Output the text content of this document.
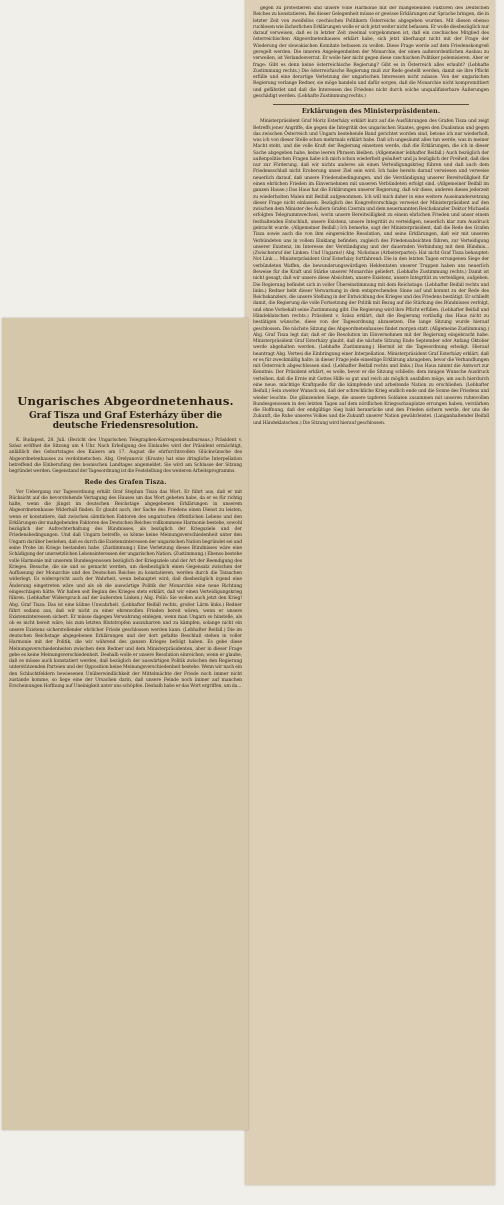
gegen zu protestieren und unsere volle Harmonie mit der maßgebenden Faktoren des Deutschen Reiches zu konstatieren. Bei dieser Gelegenheit müsse er gewisse Erklärungen zur Sprache bringen, die in letzter Zeit von zweifellos czechischen Politikern Österreichs abgegeben wurden. Mit diesen ebenso ruchlosen wie lächerlichen Erklärungen wolle er sich jetzt weiter nicht befassen. Er wolle diesbezüglich nur darauf verweisen, daß es in letzter Zeit zweimal vorgekommen ist, daß ein czechisches Mitglied des österreichischen Abgeordnetenhauses erklärt habe, sich jetzt überhaupt nicht mit der Frage der Wiederung der slowakischen Komitate befassen zu wollen. Diese Frage werde auf dem Friedenskongreß geregelt werden. Die inneren Angelegenheiten der Monarchie, der einen außerordentlichen Ausbau zu verweilen, ist Verlandesverrat. Er wolle hier nicht gegen diese czechischen Politiker polemisieren. Aber er frage: Gibt es denn keine österreichische Regierung? Gibt es in Österreich alles erlaubt? (Lebhafte Zustimmung rechts.) Die österreichische Regierung muß zur Rede gestellt werden, damit sie ihre Pflicht erfülle und eine derartige Verletzung der ungarischen Interessen nicht zulasse. Von der ungarischen Regierung verlange Redner, sie möge handeln und dafür sorgen, daß die Monarchie nicht kompromittiert und gefährdet und daß die Interessen des Friedens nicht durch solche unqualifizierbare Äußerungen geschädigt werden. (Lebhafte Zustimmung rechts.)

Erklärungen des Ministerpräsidenten.

Ministerpräsident Graf Moriz Esterházy erklärt kurz auf die Ausführungen des Grafen Tisza und zeigt Betreffs jener Angriffe, die gegen die Integrität des ungarischen Staates, gegen den Dualismus und gegen das zwischen Österreich und Ungarn bestehende Band gerichtet worden sind, betone ich nur wiederholt, was ich von dieser Stelle schon mehrmals erklärt habe. Daß ich ungesäumt alles tun werde, was in meiner Macht steht, und die volle Kraft der Regierung einsetzen werde, daß die Erklärungen, die ich in dieser Sache abgegeben habe, keine leeren Phrasen bleiben. (Allgemeiner lebhafter Beifall.) Auch bezüglich der außenpolitischen Fragen habe ich mich schon wiederholt geäußert und ja bezüglich der Freiheit, daß dies nur zur Förderung, daß wir nichts anderes als einen Verteidigungskrieg führen und daß auch dem Friedensschluß nicht Eroberung unser Ziel sein wird. Ich habe bereits darauf verwiesen und verweise neuerlich darauf, daß unsere Friedensbedingungen, und die Verständigung unserer Bereitwilligkeit für einen ehrlichen Frieden im Einvernehmen mit unseren Verbündeten erfolgt sind. (Allgemeiner Beifall im ganzen Hause.) Das Haus hat die Erklärungen unserer Regierung, daß wir diese, anderen dieses jederzeit zu wiederholten Malen mit Beifall aufgenommen. Ich will mich daher in eine weitere Auseinandersetzung dieser Frage nicht einlassen. Bezüglich des Kongreßvorschlags verweist der Ministerpräsident auf den zwischen dem Minister des Äußern Grafen Czernin und dem neuernannten Reichskanzler Doktor Michaelis erfolgten Telegrammwechsel, worin unsere Bereitwilligkeit zu einem ehrlichen Frieden und unser einem festhaltenden Entschluß, unsere Existenz, unsere Integrität zu verteidigen, neuerlich klar zum Ausdruck gebracht wurde. (Allgemeiner Beifall.) Ich bemerke, sagt der Ministerpräsident, daß die Rede des Grafen Tisza sowie auch die von ihm eingereichte Resolution, und seine Erklärungen, daß wir mit unseren Verbündeten uns in vollem Einklang befinden, zugleich des Friedensabsichten führen, zur Verteidigung unserer Existenz, im Interesse der Verständigung und der dauernden Verbindung mit dem Bündnis... (Zwischenruf der Linken: Und Ungarns!) Abg. Nickolaus (Arbeiterpartei): Hat nicht Graf Tisza behauptet: Not Link ... Ministerpräsident Graf Esterházy fortfahrend: Die in den letzten Tagen errungenen Siege der verbündeten Waffen, die bewunderungswürdigen Heldentaten unserer Truppen haben uns neuerlich Beweise für die Kraft und Stärke unserer Monarchie geliefert. (Lebhafte Zustimmung rechts.) Damit ist nicht gesagt, daß wir unsere diese Absichten, unsere Existenz, unsere Integrität zu verteidigen, aufgeben. Die Regierung befindet sich in voller Übereinstimmung mit dem Reichstage. (Lebhafter Beifall rechts und links.) Redner hebt dieser Verwarnung in dem entsprechenden Sinne auf und kommt zu der Rede des Reichskanzlers, die unsere Stellung in der Entwicklung des Krieges und des Friedens bestätigt. Er schließt damit, die Regierung die volle Fortsetzung der Politik mit Bezug auf die Stärkung des Bündnisses verfolgt, und ohne Vorbehalt seine Zustimmung gibt. Die Regierung wird ihre Pflicht erfüllen. (Lebhafter Beifall und Händeklatschen rechts.) Präsident v. Szász erklärt, daß die Regierung vorläufig das Haus nicht zu bestätigen wünsche, diese von der Tagesordnung abzusetzen. Die lange Sitzung wurde hierauf geschlossen. Die nächste Sitzung des Abgeordnetenhauses findet morgen statt. (Allgemeine Zustimmung.) Abg. Graf Tisza legt dar, daß er die Resolution im Einvernehmen mit der Regierung eingebracht habe. Ministerpräsident Graf Esterházy glaubt, daß die nächste Sitzung Ende September oder Anfang Oktober werde abgehalten werden. (Lebhafte Zustimmung.) Hiermit ist die Tagesordnung erledigt. Hierauf beantragt Abg. Vertesi die Einbringung einer Interpellation. Ministerpräsident Graf Esterházy erklärt, daß er es für zweckmäßig halte, in dieser Frage jede einseitige Erklärung abzugeben, bevor die Verhandlungen mit Österreich abgeschlossen sind. (Lebhafter Beifall rechts und links.) Das Haus nimmt die Antwort zur Kenntnis. Der Präsident erklärt, es wolle, bevor er die Sitzung schließe, dem innigen Wunsche Ausdruck verleihen, daß die Ernte mit Gottes Hilfe so gut und reich als möglich ausfallen möge, um auch hierdurch eine neue, mächtige Kraftquelle für die kämpfende und arbeitende Nation zu erschließen. (Lebhafter Beifall.) Sein zweiter Wunsch sei, daß der schreckliche Krieg endlich ende und die Sonne des Friedens und wieder leuchte. Die glänzenden Siege, die unsere tapferen Soldaten zusammen mit unseren ruhmvollen Bundesgenossen in den letzten Tagen auf dem nördlichen Kriegsschauplatze errungen haben, verstärken die Hoffnung, daß der endgültige Sieg bald heranrücke und den Frieden sichern werde, der uns die Zukunft, die Ruhe unseres Volkes und die Zukunft unserer Nation gewährleistet. (Langanhaltender Beifall und Händeklatschen.) Die Sitzung wird hierauf geschlossen.

Ungarisches Abgeordnetenhaus.
Graf Tisza und Graf Esterházy über die deutsche Friedensresolution.

K. Budapest, 28. Juli. (Bericht des Ungarischen Telegraphen-Korrespondenzbureaus.) Präsident v. Szász eröffnet die Sitzung um 4 Uhr. Nach Erledigung des Einlaufes wird der Präsident ermächtigt, anläßlich des Geburtstages des Kaisers am 17. August die ehrfurchtsvollen Glückwünsche des Abgeordnetenhauses zu verdolmetschen. Abg. Orelyanovic (Kroate) hat eine dringliche Interpellation betreffend die Einberufung des bosnischen Landtages angemeldet. Sie wird am Schlusse der Sitzung begründet werden. Gegenstand der Tagesordnung ist die Feststellung des weiteren Arbeitsprogramms.

Rede des Grafen Tisza.

Vor Uebergang zur Tagesordnung erhält Graf Stephan Tisza das Wort. Er führt aus, daß er mit Rücksicht auf die bevorstehende Vertagung des Hauses um das Wort gebeten habe, da er es für richtig halte, wenn die jüngst im deutschen Reichstage abgegebenen Erklärungen in unserem Abgeordnetenhause Widerhall finden. Er glaubt auch, der Sache des Friedens einen Dienst zu leisten, wenn er konstatiere, daß zwischen sämtlichen Faktoren des ungarischen öffentlichen Lebens und den Erklärungen der maßgebenden Faktoren des Deutschen Reiches vollkommene Harmonie bestehe, sowohl bezüglich der Aufrechterhaltung des Bündnisses, als bezüglich der Kriegsziele und der Friedensbedingungen. Und daß Ungarn betreffe, so könne keine Meinungsverschiedenheit unter den Ungarn darüber bestehen, daß es durch die Existenzinteressen der ungarischen Nation begründet sei und seine Probe im Kriege bestanden habe. (Zustimmung.) Eine Verletzung dieses Bündnisses wäre eine Schädigung der unersetzlichen Lebensinteressen der ungarischen Nation. (Zustimmung.) Ebenso bestehe volle Harmonie mit unserem Bundesgenossen bezüglich der Kriegsziele und der Art der Beendigung des Krieges. Besuche, die sie und so gemacht werden, um diesbezüglich einen Gegensatz zwischen der Auffassung der Monarchie und des Deutschen Reiches zu konstatieren, werden durch die Tatsachen widerlegt. Es widerspricht auch der Wahrheit, wenn behauptet wird, daß diesbezüglich irgend eine Änderung eingetreten wäre und als ob die auswärtige Politik der Monarchie eine neue Richtung eingeschlagen hätte. Wir haben seit Beginn des Krieges stets erklärt, daß wir einen Verteidigungskrieg führen. (Lebhafter Widerspruch auf der äußersten Linken.) Abg. Polló: Sie wollen auch jetzt den Krieg! Abg. Graf Tisza: Das ist eine kühne Unwahrheit. (Lebhafter Beifall rechts, großer Lärm links.) Redner führt sodann aus, daß wir nicht zu einer ehrenvollen Frieden bereit wären, wenn er unsere Existenzinteressen sichert. Er müsse dagegen Verwahrung einlegen, wenn man Ungarn so hinstelle, als ob es nicht bereit wäre, bis zum letzten Blutstropfen auszuharren und zu kämpfen, solange nicht ein unsere Existenz sicherstellender ehrlicher Friede geschlossen werden kann. (Lebhafter Beifall.) Die im deutschen Reichstage abgegebenen Erklärungen und der dort gefaßte Beschluß stehen in voller Harmonie mit der Politik, die wir während des ganzen Krieges befolgt haben. Es gebe diese Meinungsverschiedenheiten zwischen dem Redner und dem Ministerpräsidenten, aber in dieser Frage gebe es keine Meinungsverschiedenheit. Deshalb wolle er unsere Resolution einreichen, wenn er glaube, daß es müsse auch konstatiert werden, daß bezüglich der auswärtigen Politik zwischen den Regierung unterstützenden Parteien und der Opposition keine Meinungsverschiedenheit bestehe. Wenn wir nach ein den Schlachtfeldern bewiesenen Unüberwindlichkeit der Mittelmächte der Friede noch immer nicht zustande komme, so liege eine der Ursachen darin, daß unsere Feinde noch immer auf manchen Erscheinungen Hoffnung auf Uneinigkeit unter uns schöpfen. Deshalb habe er das Wort ergriffen, um da...
